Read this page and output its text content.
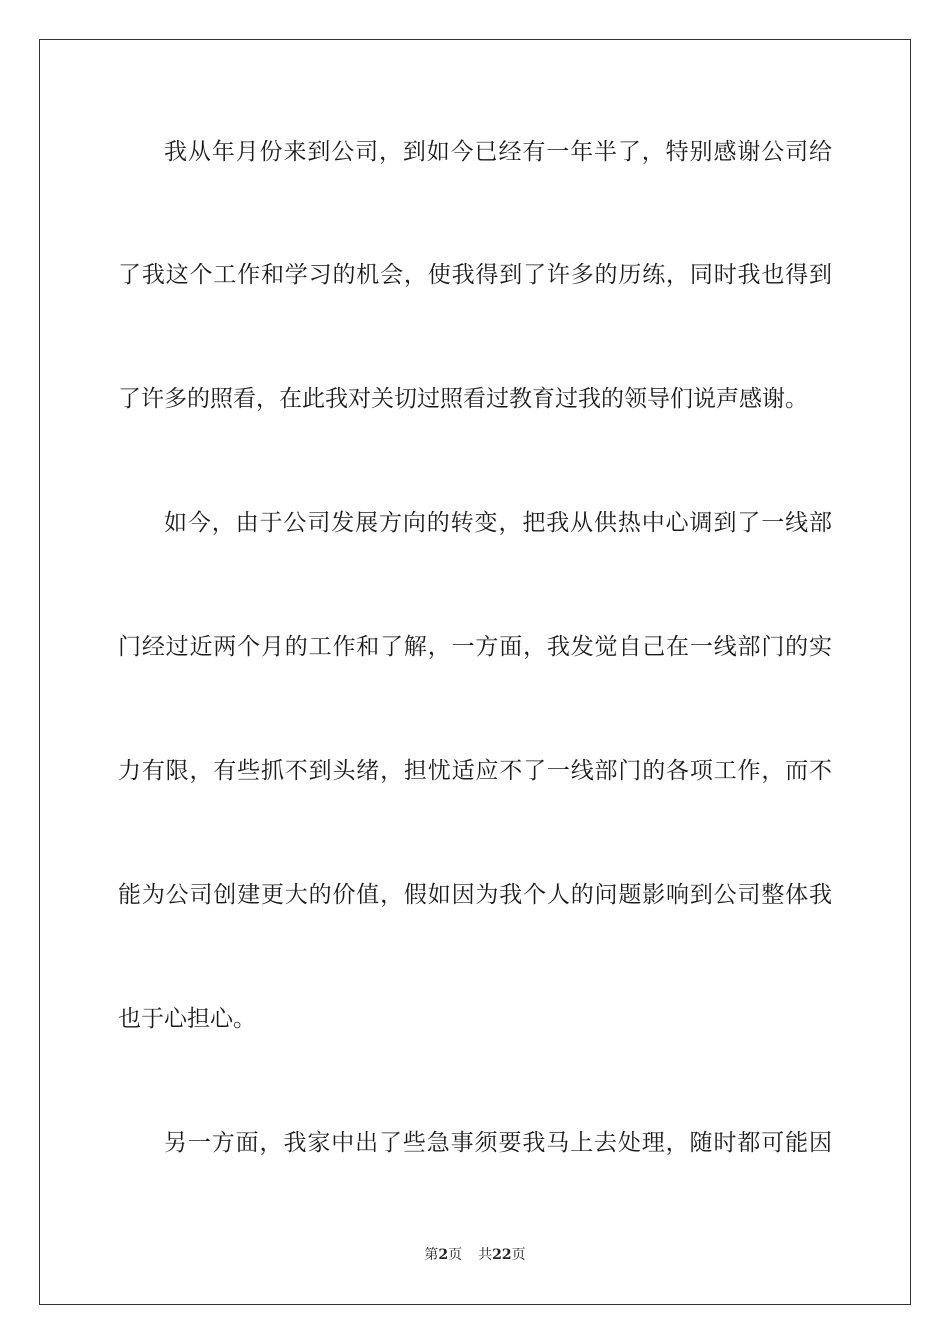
我从年月份来到公司，到如今已经有一年半了，特别感谢公司给
了我这个工作和学习的机会，使我得到了许多的历练，同时我也得到
了许多的照看，在此我对关切过照看过教育过我的领导们说声感谢。
如今，由于公司发展方向的转变，把我从供热中心调到了一线部
门经过近两个月的工作和了解，一方面，我发觉自己在一线部门的实
力有限，有些抓不到头绪，担忧适应不了一线部门的各项工作，而不
能为公司创建更大的价值，假如因为我个人的问题影响到公司整体我
也于心担心。
另一方面，我家中出了些急事须要我马上去处理，随时都可能因
第2页 共22页
